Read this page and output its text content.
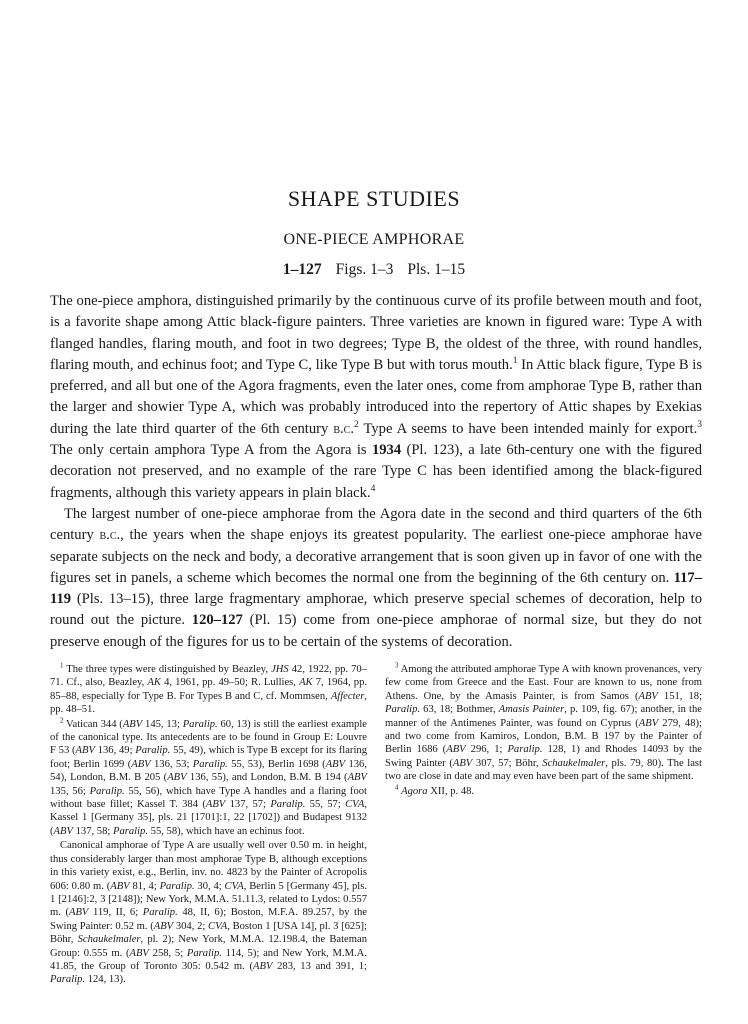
SHAPE STUDIES
ONE-PIECE AMPHORAE
1–127 Figs. 1–3 Pls. 1–15

The one-piece amphora, distinguished primarily by the continuous curve of its profile between mouth and foot, is a favorite shape among Attic black-figure painters. Three varieties are known in figured ware: Type A with flanged handles, flaring mouth, and foot in two degrees; Type B, the oldest of the three, with round handles, flaring mouth, and echinus foot; and Type C, like Type B but with torus mouth.$^1$ In Attic black figure, Type B is preferred, and all but one of the Agora fragments, even the later ones, come from amphorae Type B, rather than the larger and showier Type A, which was probably introduced into the repertory of Attic shapes by Exekias during the late third quarter of the 6th century b.c.$^2$ Type A seems to have been intended mainly for export.$^3$ The only certain amphora Type A from the Agora is 1934 (Pl. 123), a late 6th-century one with the figured decoration not preserved, and no example of the rare Type C has been identified among the black-figured fragments, although this variety appears in plain black.$^4$

The largest number of one-piece amphorae from the Agora date in the second and third quarters of the 6th century b.c., the years when the shape enjoys its greatest popularity. The earliest one-piece amphorae have separate subjects on the neck and body, a decorative arrangement that is soon given up in favor of one with the figures set in panels, a scheme which becomes the normal one from the beginning of the 6th century on. 117–119 (Pls. 13–15), three large fragmentary amphorae, which preserve special schemes of decoration, help to round out the picture. 120–127 (Pl. 15) come from one-piece amphorae of normal size, but they do not preserve enough of the figures for us to be certain of the systems of decoration.

$^1$ The three types were distinguished by Beazley, JHS 42, 1922, pp. 70–71. Cf., also, Beazley, AK 4, 1961, pp. 49–50; R. Lullies, AK 7, 1964, pp. 85–88, especially for Type B. For Types B and C, cf. Mommsen, Affecter, pp. 48–51.

$^2$ Vatican 344 (ABV 145, 13; Paralip. 60, 13) is still the earliest example of the canonical type. Its antecedents are to be found in Group E: Louvre F 53 (ABV 136, 49; Paralip. 55, 49), which is Type B except for its flaring foot; Berlin 1699 (ABV 136, 53; Paralip. 55, 53), Berlin 1698 (ABV 136, 54), London, B.M. B 205 (ABV 136, 55), and London, B.M. B 194 (ABV 135, 56; Paralip. 55, 56), which have Type A handles and a flaring foot without base fillet; Kassel T. 384 (ABV 137, 57; Paralip. 55, 57; CVA, Kassel 1 [Germany 35], pls. 21 [1701]:1, 22 [1702]) and Budapest 9132 (ABV 137, 58; Paralip. 55, 58), which have an echinus foot.

Canonical amphorae of Type A are usually well over 0.50 m. in height, thus considerably larger than most amphorae Type B, although exceptions in this variety exist, e.g., Berlin, inv. no. 4823 by the Painter of Acropolis 606: 0.80 m. (ABV 81, 4; Paralip. 30, 4; CVA, Berlin 5 [Germany 45], pls. 1 [2146]:2, 3 [2148]); New York, M.M.A. 51.11.3, related to Lydos: 0.557 m. (ABV 119, II, 6; Paralip. 48, II, 6); Boston, M.F.A. 89.257, by the Swing Painter: 0.52 m. (ABV 304, 2; CVA, Boston 1 [USA 14], pl. 3 [625]; Böhr, Schaukelmaler, pl. 2); New York, M.M.A. 12.198.4, the Bateman Group: 0.555 m. (ABV 258, 5; Paralip. 114, 5); and New York, M.M.A. 41.85, the Group of Toronto 305: 0.542 m. (ABV 283, 13 and 391, 1; Paralip. 124, 13).

$^3$ Among the attributed amphorae Type A with known provenances, very few come from Greece and the East. Four are known to us, none from Athens. One, by the Amasis Painter, is from Samos (ABV 151, 18; Paralip. 63, 18; Bothmer, Amasis Painter, p. 109, fig. 67); another, in the manner of the Antimenes Painter, was found on Cyprus (ABV 279, 48); and two come from Kamiros, London, B.M. B 197 by the Painter of Berlin 1686 (ABV 296, 1; Paralip. 128, 1) and Rhodes 14093 by the Swing Painter (ABV 307, 57; Böhr, Schaukelmaler, pls. 79, 80). The last two are close in date and may even have been part of the same shipment.

$^4$ Agora XII, p. 48.
